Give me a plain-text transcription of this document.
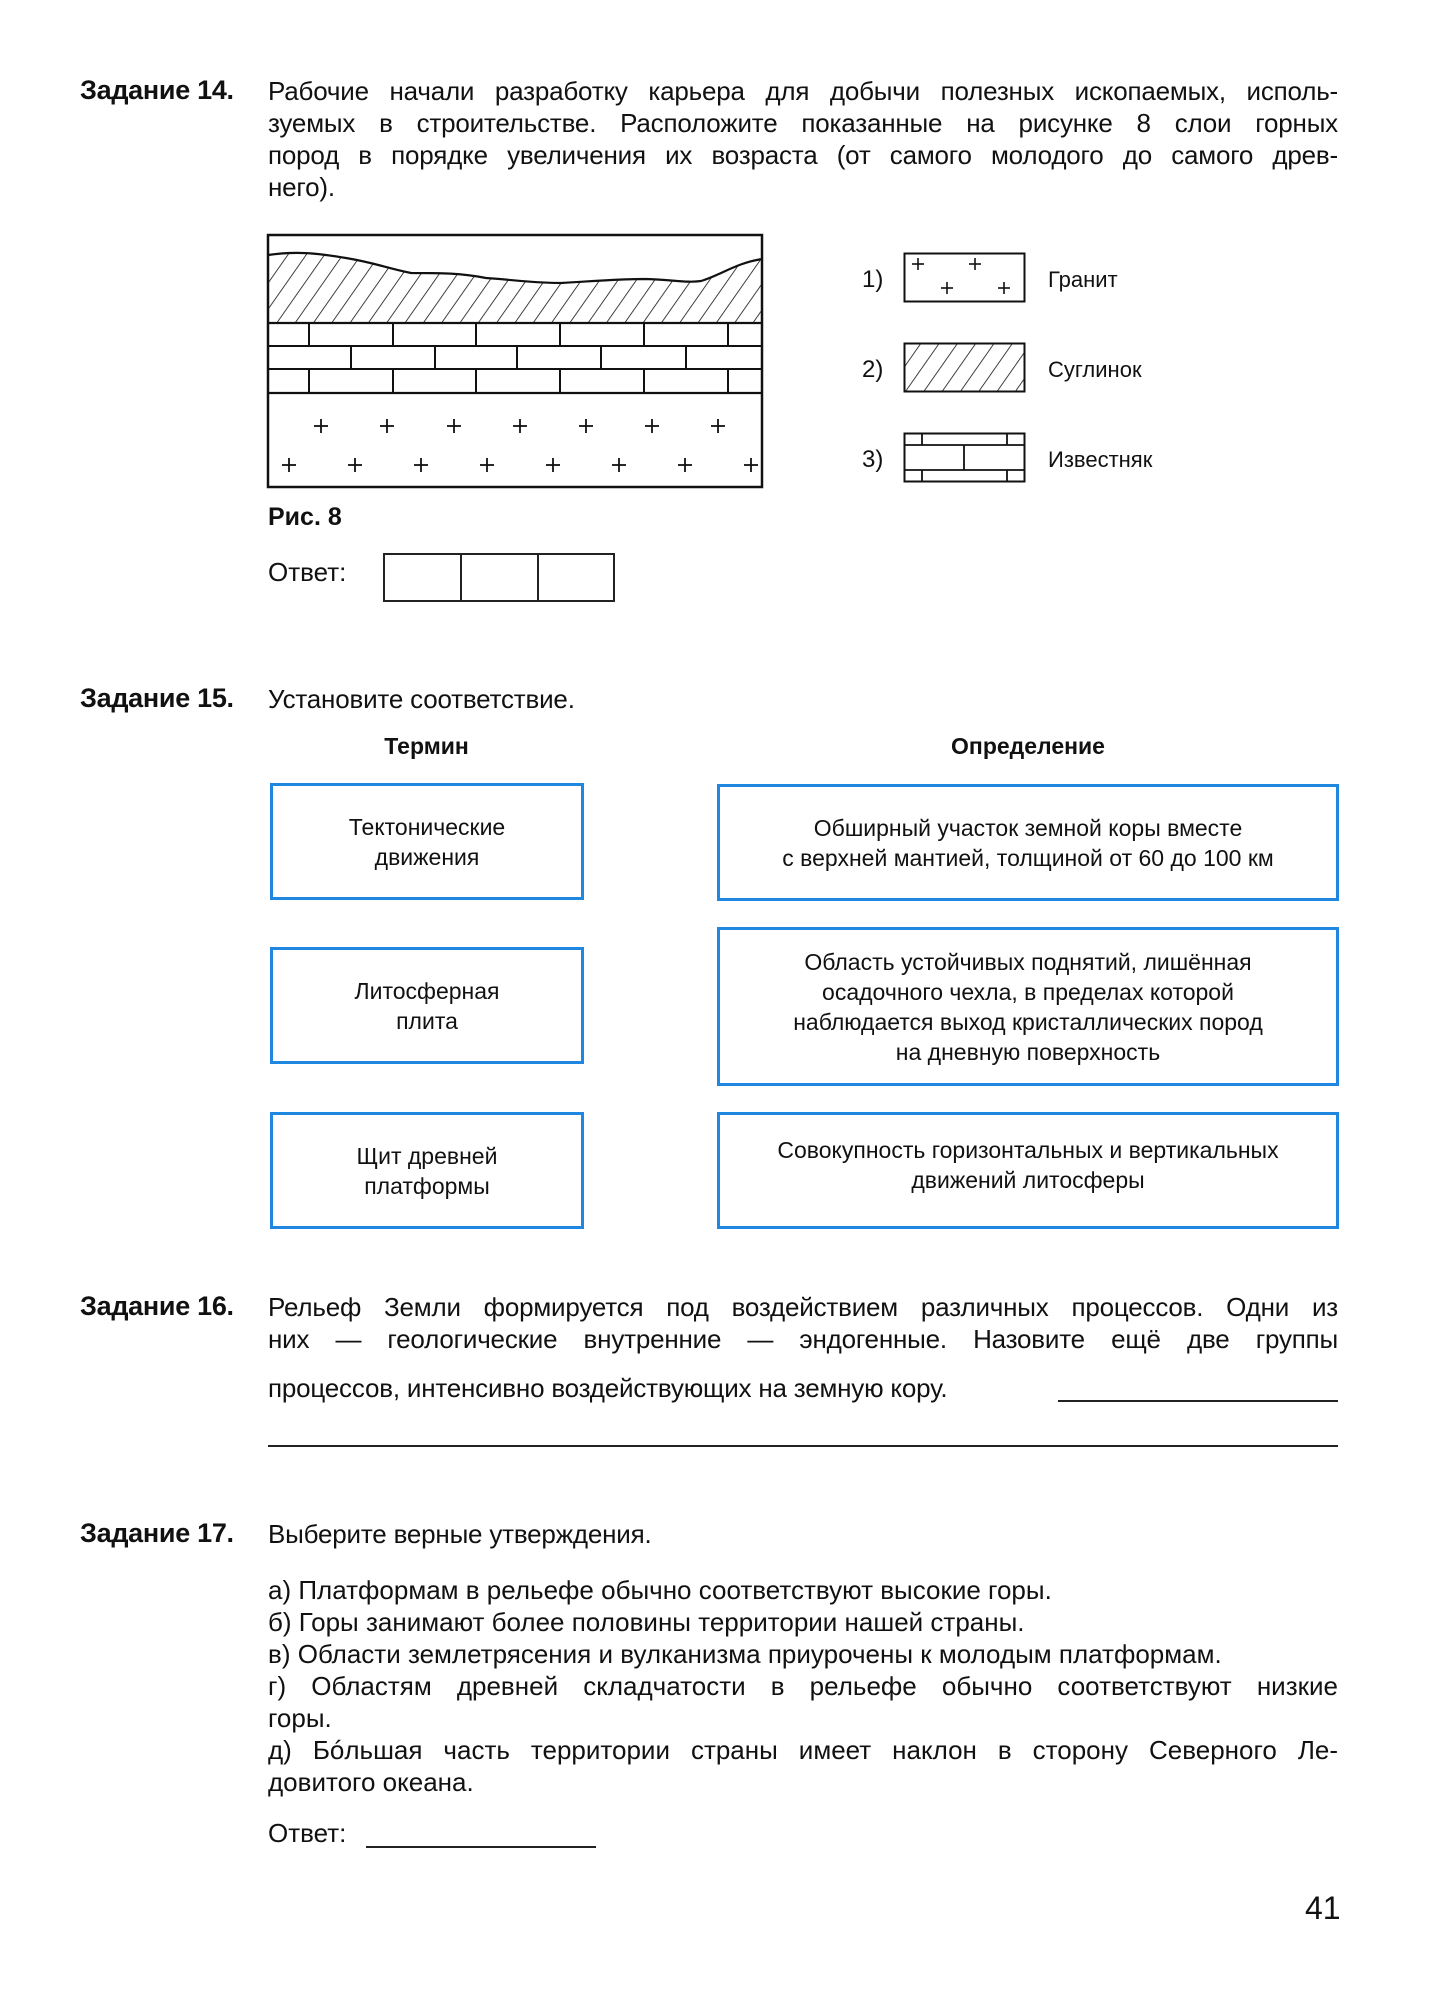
Задание 14. Рабочие начали разработку карьера для добычи полезных ископаемых, исполь-
зуемых в строительстве. Расположите показанные на рисунке 8 слои горных
пород в порядке увеличения их возраста (от самого молодого до самого древ-
него).
1)	Гранит
2)	Суглинок
3)	Известняк
Рис. 8
Ответ:
Задание 15. Установите соответствие.
Термин	Определение
Тектонические
движения
Литосферная
плита
Щит древней
платформы
Обширный участок земной коры вместе
с верхней мантией, толщиной от 60 до 100 км
Область устойчивых поднятий, лишённая
осадочного чехла, в пределах которой
наблюдается выход кристаллических пород
на дневную поверхность
Совокупность горизонтальных и вертикальных
движений литосферы
Задание 16. Рельеф Земли формируется под воздействием различных процессов. Одни из
них — геологические внутренние — эндогенные. Назовите ещё две группы
процессов, интенсивно воздействующих на земную кору.
Задание 17. Выберите верные утверждения.
а) Платформам в рельефе обычно соответствуют высокие горы.
б) Горы занимают более половины территории нашей страны.
в) Области землетрясения и вулканизма приурочены к молодым платформам.
г) Областям древней складчатости в рельефе обычно соответствуют низкие
горы.
д) Бóльшая часть территории страны имеет наклон в сторону Северного Ле-
довитого океана.
Ответ:
41
